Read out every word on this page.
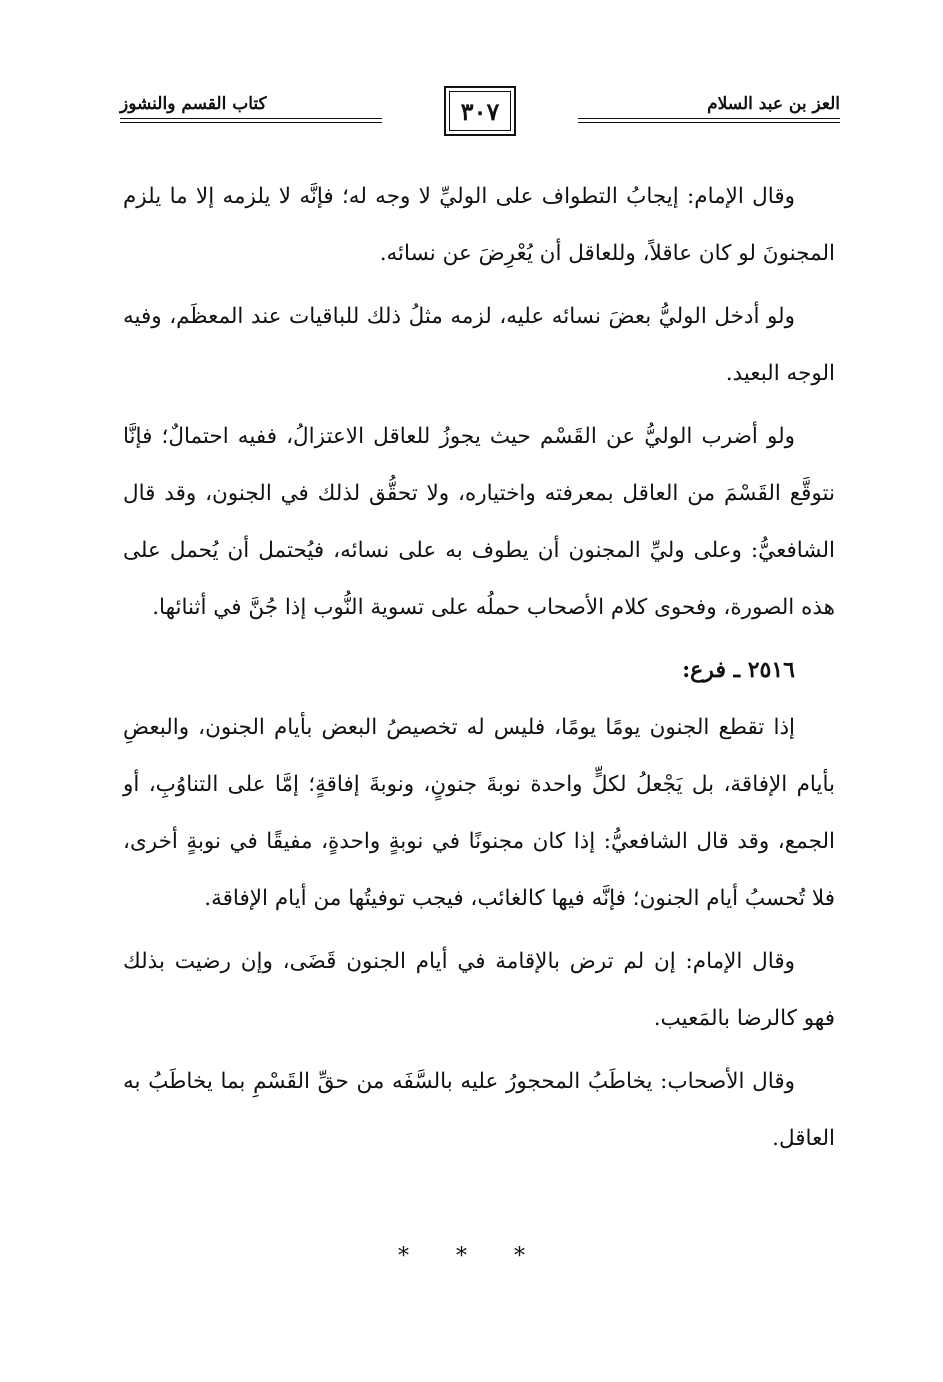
العز بن عبد السلام
٣٠٧
كتاب القسم والنشوز

وقال الإمام: إيجابُ التطواف على الوليِّ لا وجه له؛ فإنَّه لا يلزمه إلا ما يلزم المجنونَ لو كان عاقلاً، وللعاقل أن يُعْرِضَ عن نسائه.

ولو أدخل الوليُّ بعضَ نسائه عليه، لزمه مثلُ ذلك للباقيات عند المعظَم، وفيه الوجه البعيد.

ولو أضرب الوليُّ عن القَسْم حيث يجوزُ للعاقل الاعتزالُ، ففيه احتمالٌ؛ فإنَّا نتوقَّع القَسْمَ من العاقل بمعرفته واختياره، ولا تحقُّق لذلك في الجنون، وقد قال الشافعيُّ: وعلى وليِّ المجنون أن يطوف به على نسائه، فيُحتمل أن يُحمل على هذه الصورة، وفحوى كلام الأصحاب حملُه على تسوية النُّوب إذا جُنَّ في أثنائها.

٢٥١٦ ـ فرع:

إذا تقطع الجنون يومًا يومًا، فليس له تخصيصُ البعض بأيام الجنون، والبعضِ بأيام الإفاقة، بل يَجْعلُ لكلٍّ واحدة نوبةَ جنونٍ، ونوبةَ إفاقةٍ؛ إمَّا على التناوُبِ، أو الجمع، وقد قال الشافعيُّ: إذا كان مجنونًا في نوبةٍ واحدةٍ، مفيقًا في نوبةٍ أخرى، فلا تُحسبُ أيام الجنون؛ فإنَّه فيها كالغائب، فيجب توفيتُها من أيام الإفاقة.

وقال الإمام: إن لم ترض بالإقامة في أيام الجنون قَضَى، وإن رضيت بذلك فهو كالرضا بالمَعيب.

وقال الأصحاب: يخاطَبُ المحجورُ عليه بالسَّفَه من حقِّ القَسْمِ بما يخاطَبُ به العاقل.

* * *
